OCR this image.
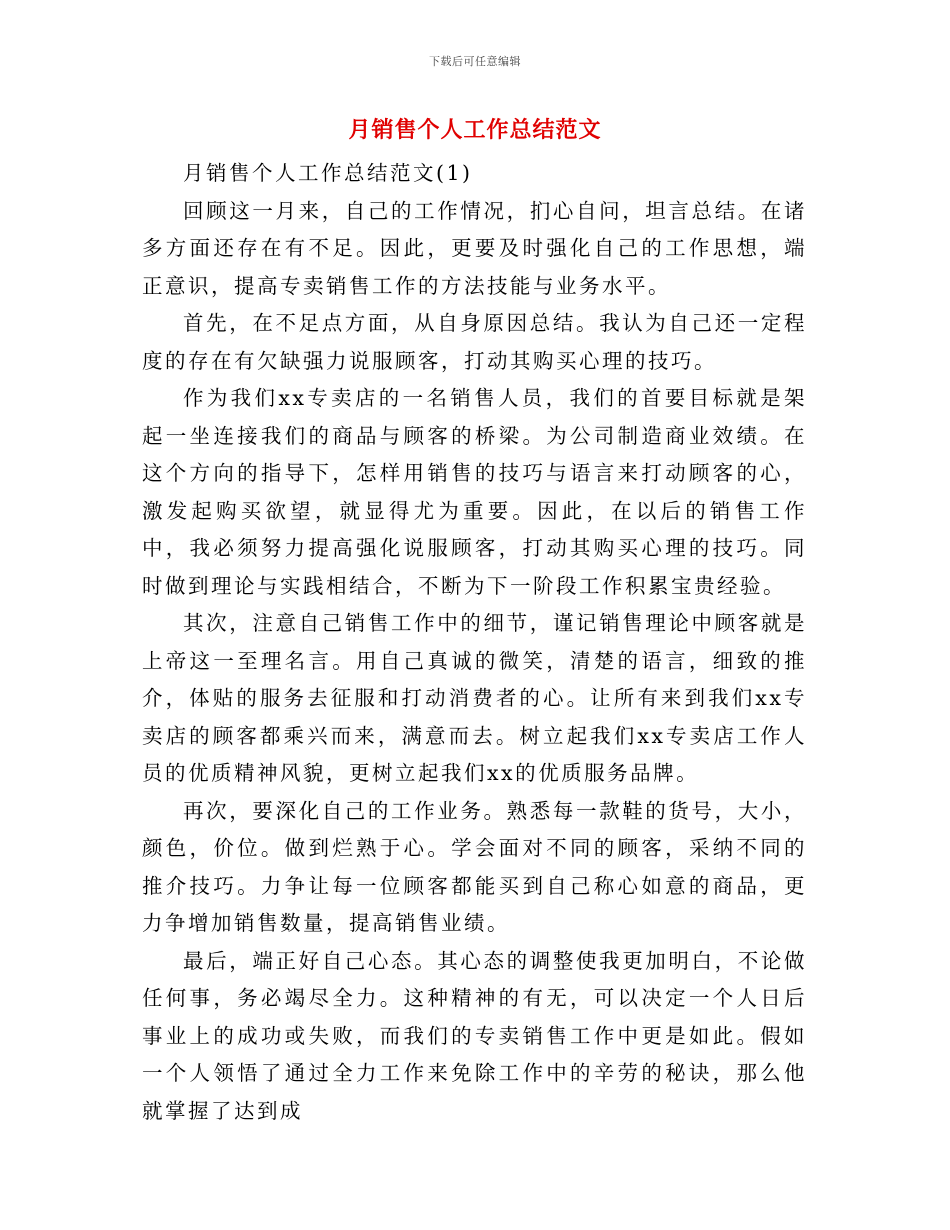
下载后可任意编辑
月销售个人工作总结范文

月销售个人工作总结范文(1)

回顾这一月来，自己的工作情况，扪心自问，坦言总结。在诸多方面还存在有不足。因此，更要及时强化自己的工作思想，端正意识，提高专卖销售工作的方法技能与业务水平。

首先，在不足点方面，从自身原因总结。我认为自己还一定程度的存在有欠缺强力说服顾客，打动其购买心理的技巧。

作为我们xx专卖店的一名销售人员，我们的首要目标就是架起一坐连接我们的商品与顾客的桥梁。为公司制造商业效绩。在这个方向的指导下，怎样用销售的技巧与语言来打动顾客的心，激发起购买欲望，就显得尤为重要。因此，在以后的销售工作中，我必须努力提高强化说服顾客，打动其购买心理的技巧。同时做到理论与实践相结合，不断为下一阶段工作积累宝贵经验。

其次，注意自己销售工作中的细节，谨记销售理论中顾客就是上帝这一至理名言。用自己真诚的微笑，清楚的语言，细致的推介，体贴的服务去征服和打动消费者的心。让所有来到我们xx专卖店的顾客都乘兴而来，满意而去。树立起我们xx专卖店工作人员的优质精神风貌，更树立起我们xx的优质服务品牌。

再次，要深化自己的工作业务。熟悉每一款鞋的货号，大小，颜色，价位。做到烂熟于心。学会面对不同的顾客，采纳不同的推介技巧。力争让每一位顾客都能买到自己称心如意的商品，更力争增加销售数量，提高销售业绩。

最后，端正好自己心态。其心态的调整使我更加明白，不论做任何事，务必竭尽全力。这种精神的有无，可以决定一个人日后事业上的成功或失败，而我们的专卖销售工作中更是如此。假如一个人领悟了通过全力工作来免除工作中的辛劳的秘诀，那么他就掌握了达到成
